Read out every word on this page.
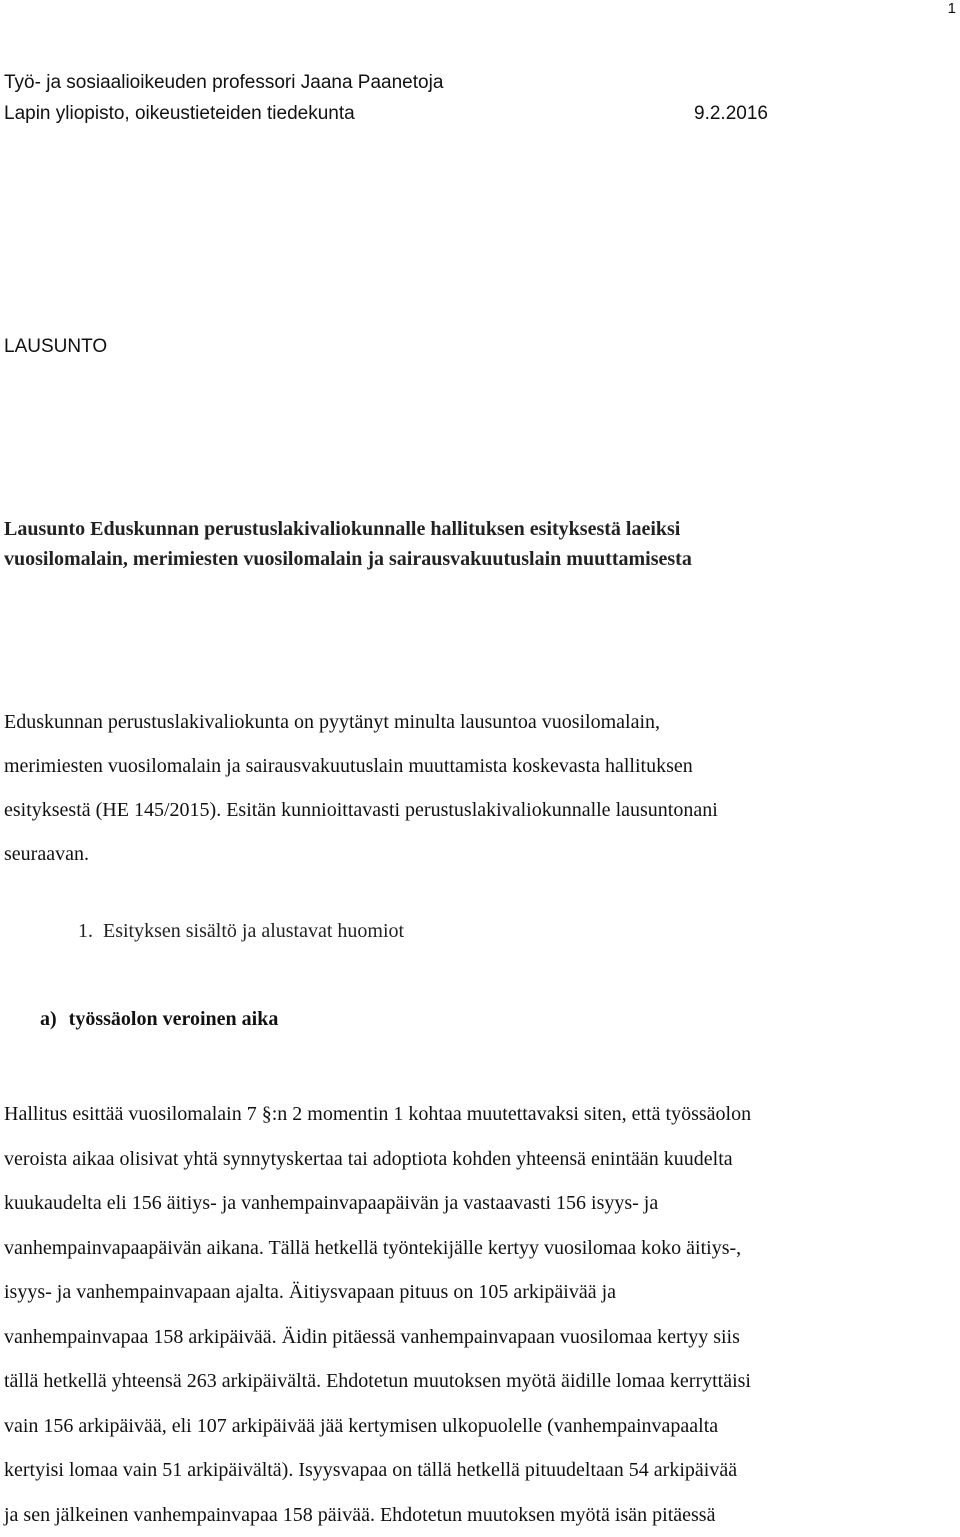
1
Työ- ja sosiaalioikeuden professori Jaana Paanetoja
Lapin yliopisto, oikeustieteiden tiedekunta	9.2.2016
LAUSUNTO
Lausunto Eduskunnan perustuslakivaliokunnalle hallituksen esityksestä laeiksi
vuosilomalain, merimiesten vuosilomalain ja sairausvakuutuslain muuttamisesta
Eduskunnan perustuslakivaliokunta on pyytänyt minulta lausuntoa vuosilomalain,
merimiesten vuosilomalain ja sairausvakuutuslain muuttamista koskevasta hallituksen
esityksestä (HE 145/2015). Esitän kunnioittavasti perustuslakivaliokunnalle lausuntonani
seuraavan.
1. Esityksen sisältö ja alustavat huomiot
a) työssäolon veroinen aika
Hallitus esittää vuosilomalain 7 §:n 2 momentin 1 kohtaa muutettavaksi siten, että työssäolon
veroista aikaa olisivat yhtä synnytyskertaa tai adoptiota kohden yhteensä enintään kuudelta
kuukaudelta eli 156 äitiys- ja vanhempainvapaapäivän ja vastaavasti 156 isyys- ja
vanhempainvapaapäivän aikana. Tällä hetkellä työntekijälle kertyy vuosilomaa koko äitiys-,
isyys- ja vanhempainvapaan ajalta. Äitiysvapaan pituus on 105 arkipäivää ja
vanhempainvapaa 158 arkipäivää. Äidin pitäessä vanhempainvapaan vuosilomaa kertyy siis
tällä hetkellä yhteensä 263 arkipäivältä. Ehdotetun muutoksen myötä äidille lomaa kerryttäisi
vain 156 arkipäivää, eli 107 arkipäivää jää kertymisen ulkopuolelle (vanhempainvapaalta
kertyisi lomaa vain 51 arkipäivältä). Isyysvapaa on tällä hetkellä pituudeltaan 54 arkipäivää
ja sen jälkeinen vanhempainvapaa 158 päivää. Ehdotetun muutoksen myötä isän pitäessä
